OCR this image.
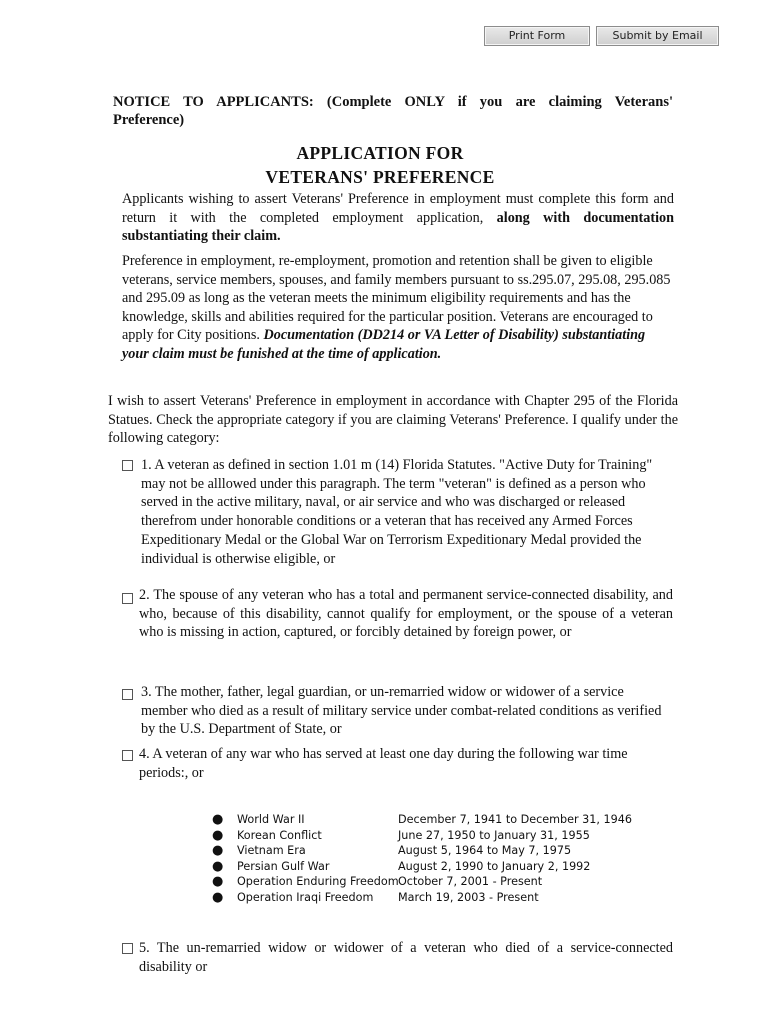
Print Form	Submit by Email
NOTICE TO APPLICANTS: (Complete ONLY if you are claiming Veterans'
Preference)
APPLICATION FOR
VETERANS' PREFERENCE
Applicants wishing to assert Veterans' Preference in employment must complete this form and return it with the completed employment application, along with documentation substantiating their claim.
Preference in employment, re-employment, promotion and retention shall be given to eligible veterans, service members, spouses, and family members pursuant to ss.295.07, 295.08, 295.085 and 295.09 as long as the veteran meets the minimum eligibility requirements and has the knowledge, skills and abilities required for the particular position. Veterans are encouraged to apply for City positions. Documentation (DD214 or VA Letter of Disability) substantiating your claim must be funished at the time of application.
I wish to assert Veterans' Preference in employment in accordance with Chapter 295 of the Florida Statues. Check the appropriate category if you are claiming Veterans' Preference. I qualify under the following category:
1. A veteran as defined in section 1.01 m (14) Florida Statutes. "Active Duty for Training" may not be alllowed under this paragraph. The term "veteran" is defined as a person who served in the active military, naval, or air service and who was discharged or released therefrom under honorable conditions or a veteran that has received any Armed Forces Expeditionary Medal or the Global War on Terrorism Expeditionary Medal provided the individual is otherwise eligible, or
2. The spouse of any veteran who has a total and permanent service-connected disability, and who, because of this disability, cannot qualify for employment, or the spouse of a veteran who is missing in action, captured, or forcibly detained by foreign power, or
3. The mother, father, legal guardian, or un-remarried widow or widower of a service member who died as a result of military service under combat-related conditions as verified by the U.S. Department of State, or
4. A veteran of any war who has served at least one day during the following war time periods:, or
● World War II	December 7, 1941 to December 31, 1946
● Korean Conflict	June 27, 1950 to January 31, 1955
● Vietnam Era	August 5, 1964 to May 7, 1975
● Persian Gulf War	August 2, 1990 to January 2, 1992
● Operation Enduring Freedom October 7, 2001 - Present
● Operation Iraqi Freedom March 19, 2003 - Present
5. The un-remarried widow or widower of a veteran who died of a service-connected disability or
